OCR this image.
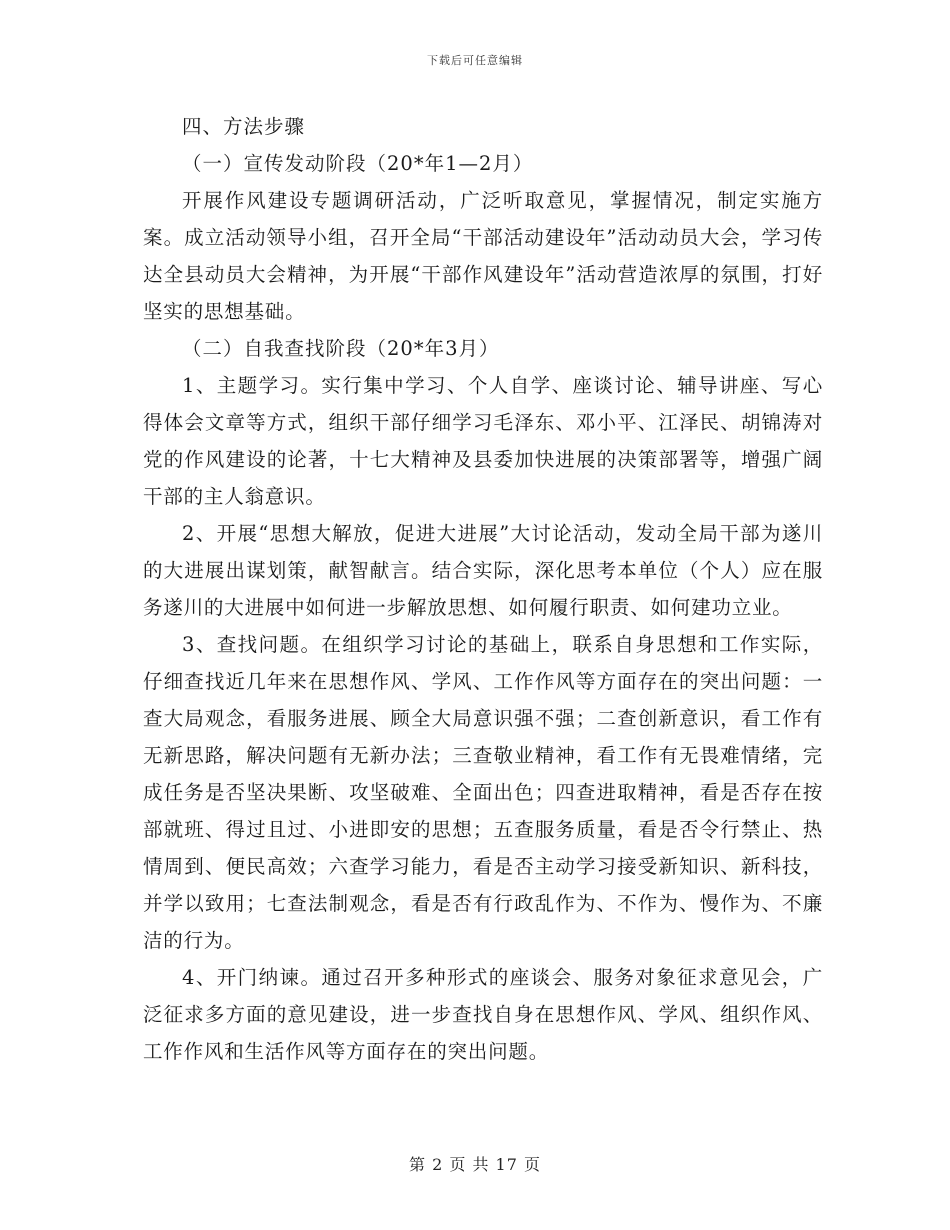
下载后可任意编辑

四、方法步骤

（一）宣传发动阶段（20*年1—2月）

开展作风建设专题调研活动，广泛听取意见，掌握情况，制定实施方案。成立活动领导小组，召开全局“干部活动建设年”活动动员大会，学习传达全县动员大会精神，为开展“干部作风建设年”活动营造浓厚的氛围，打好坚实的思想基础。

（二）自我查找阶段（20*年3月）

1、主题学习。实行集中学习、个人自学、座谈讨论、辅导讲座、写心得体会文章等方式，组织干部仔细学习毛泽东、邓小平、江泽民、胡锦涛对党的作风建设的论著，十七大精神及县委加快进展的决策部署等，增强广阔干部的主人翁意识。

2、开展“思想大解放，促进大进展”大讨论活动，发动全局干部为遂川的大进展出谋划策，献智献言。结合实际，深化思考本单位（个人）应在服务遂川的大进展中如何进一步解放思想、如何履行职责、如何建功立业。

3、查找问题。在组织学习讨论的基础上，联系自身思想和工作实际，仔细查找近几年来在思想作风、学风、工作作风等方面存在的突出问题：一查大局观念，看服务进展、顾全大局意识强不强；二查创新意识，看工作有无新思路，解决问题有无新办法；三查敬业精神，看工作有无畏难情绪，完成任务是否坚决果断、攻坚破难、全面出色；四查进取精神，看是否存在按部就班、得过且过、小进即安的思想；五查服务质量，看是否令行禁止、热情周到、便民高效；六查学习能力，看是否主动学习接受新知识、新科技，并学以致用；七查法制观念，看是否有行政乱作为、不作为、慢作为、不廉洁的行为。

4、开门纳谏。通过召开多种形式的座谈会、服务对象征求意见会，广泛征求多方面的意见建设，进一步查找自身在思想作风、学风、组织作风、工作作风和生活作风等方面存在的突出问题。

第 2 页 共 17 页
